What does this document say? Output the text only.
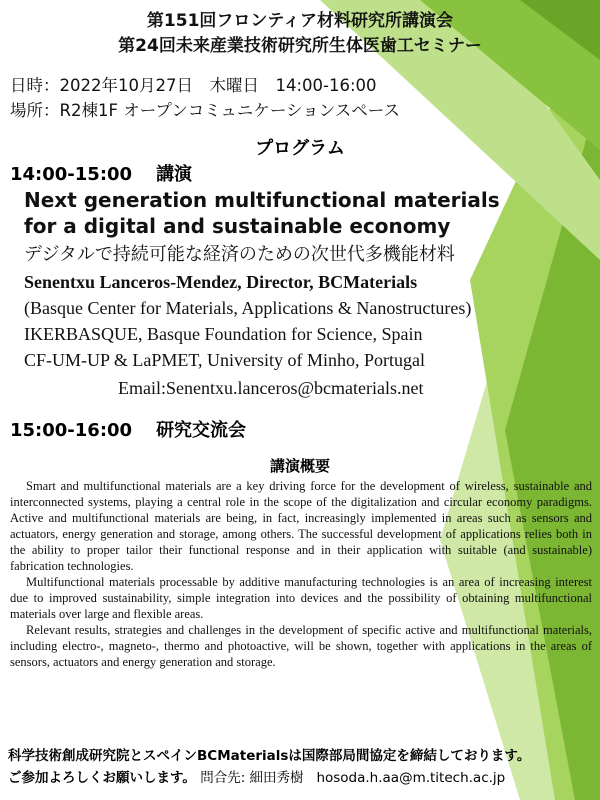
第151回フロンティア材料研究所講演会
第24回未来産業技術研究所生体医歯工セミナー
日時：2022年10月27日　木曜日　14:00-16:00
場所：R2棟1F オープンコミュニケーションスペース
プログラム
14:00-15:00 講演
Next generation multifunctional materials
for a digital and sustainable economy
デジタルで持続可能な経済のための次世代多機能材料
Senentxu Lanceros-Mendez, Director, BCMaterials
(Basque Center for Materials, Applications & Nanostructures)
IKERBASQUE, Basque Foundation for Science, Spain
CF-UM-UP & LaPMET, University of Minho, Portugal
Email:Senentxu.lanceros@bcmaterials.net
15:00-16:00 研究交流会
講演概要

Smart and multifunctional materials are a key driving force for the development of wireless, sustainable and interconnected systems, playing a central role in the scope of the digitalization and circular economy paradigms. Active and multifunctional materials are being, in fact, increasingly implemented in areas such as sensors and actuators, energy generation and storage, among others. The successful development of applications relies both in the ability to proper tailor their functional response and in their application with suitable (and sustainable) fabrication technologies.

Multifunctional materials processable by additive manufacturing technologies is an area of increasing interest due to improved sustainability, simple integration into devices and the possibility of obtaining multifunctional materials over large and flexible areas.

Relevant results, strategies and challenges in the development of specific active and multifunctional materials, including electro-, magneto-, thermo and photoactive, will be shown, together with applications in the areas of sensors, actuators and energy generation and storage.

科学技術創成研究院とスペインBCMaterialsは国際部局間協定を締結しております。
ご参加よろしくお願いします。 問合先: 細田秀樹 hosoda.h.aa@m.titech.ac.jp
